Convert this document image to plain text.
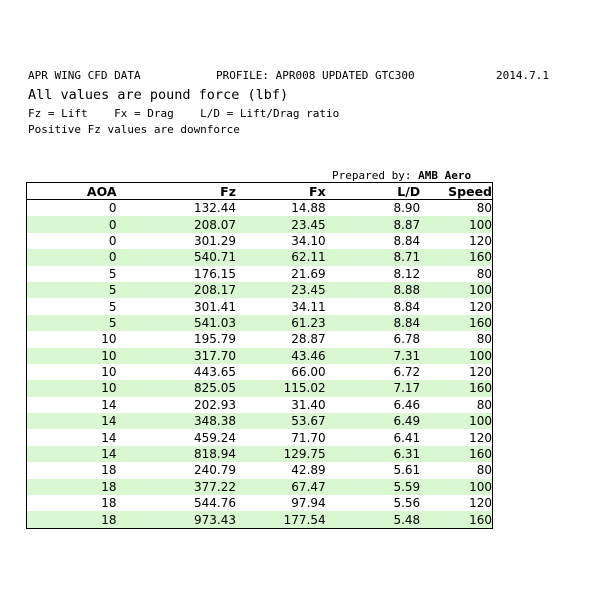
APR WING CFD DATA

	PROFILE: APR008 UPDATED GTC300

	2014.7.1

All values are pound force (lbf)
Fz = Lift    Fx = Drag    L/D = Lift/Drag ratio
Positive Fz values are downforce
Prepared by: AMB Aero
AOA	Fz	Fx	L/D	Speed
0	132.44	14.88	8.90	80
0	208.07	23.45	8.87	100
0	301.29	34.10	8.84	120
0	540.71	62.11	8.71	160
5	176.15	21.69	8.12	80
5	208.17	23.45	8.88	100
5	301.41	34.11	8.84	120
5	541.03	61.23	8.84	160
10	195.79	28.87	6.78	80
10	317.70	43.46	7.31	100
10	443.65	66.00	6.72	120
10	825.05	115.02	7.17	160
14	202.93	31.40	6.46	80
14	348.38	53.67	6.49	100
14	459.24	71.70	6.41	120
14	818.94	129.75	6.31	160
18	240.79	42.89	5.61	80
18	377.22	67.47	5.59	100
18	544.76	97.94	5.56	120
18	973.43	177.54	5.48	160
